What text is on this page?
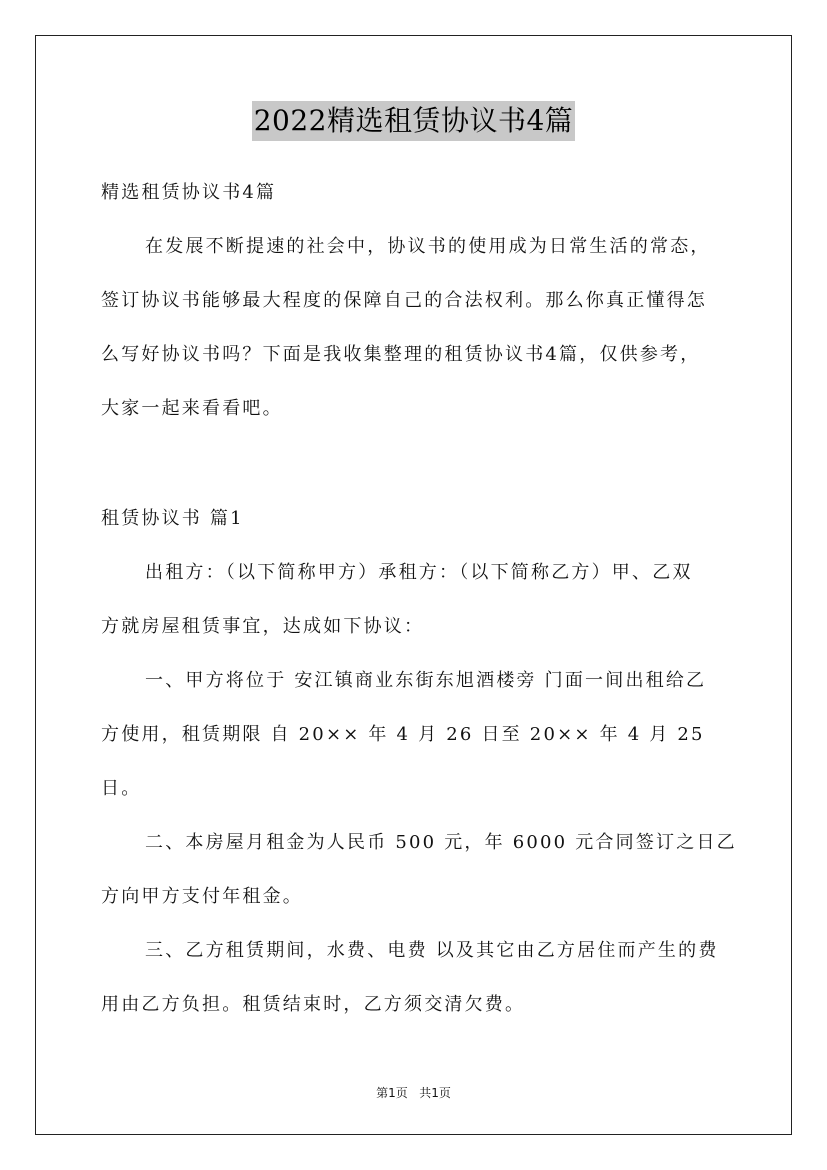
2022精选租赁协议书4篇
精选租赁协议书4篇
在发展不断提速的社会中，协议书的使用成为日常生活的常态，
签订协议书能够最大程度的保障自己的合法权利。那么你真正懂得怎
么写好协议书吗？下面是我收集整理的租赁协议书4篇，仅供参考，
大家一起来看看吧。
租赁协议书 篇1
出租方：（以下简称甲方）承租方：（以下简称乙方）甲、乙双
方就房屋租赁事宜，达成如下协议：
一、甲方将位于 安江镇商业东街东旭酒楼旁 门面一间出租给乙
方使用，租赁期限 自 20×× 年 4 月 26 日至 20×× 年 4 月 25
日。
二、本房屋月租金为人民币 500 元，年 6000 元合同签订之日乙
方向甲方支付年租金。
三、乙方租赁期间，水费、电费 以及其它由乙方居住而产生的费
用由乙方负担。租赁结束时，乙方须交清欠费。
第1页   共1页
